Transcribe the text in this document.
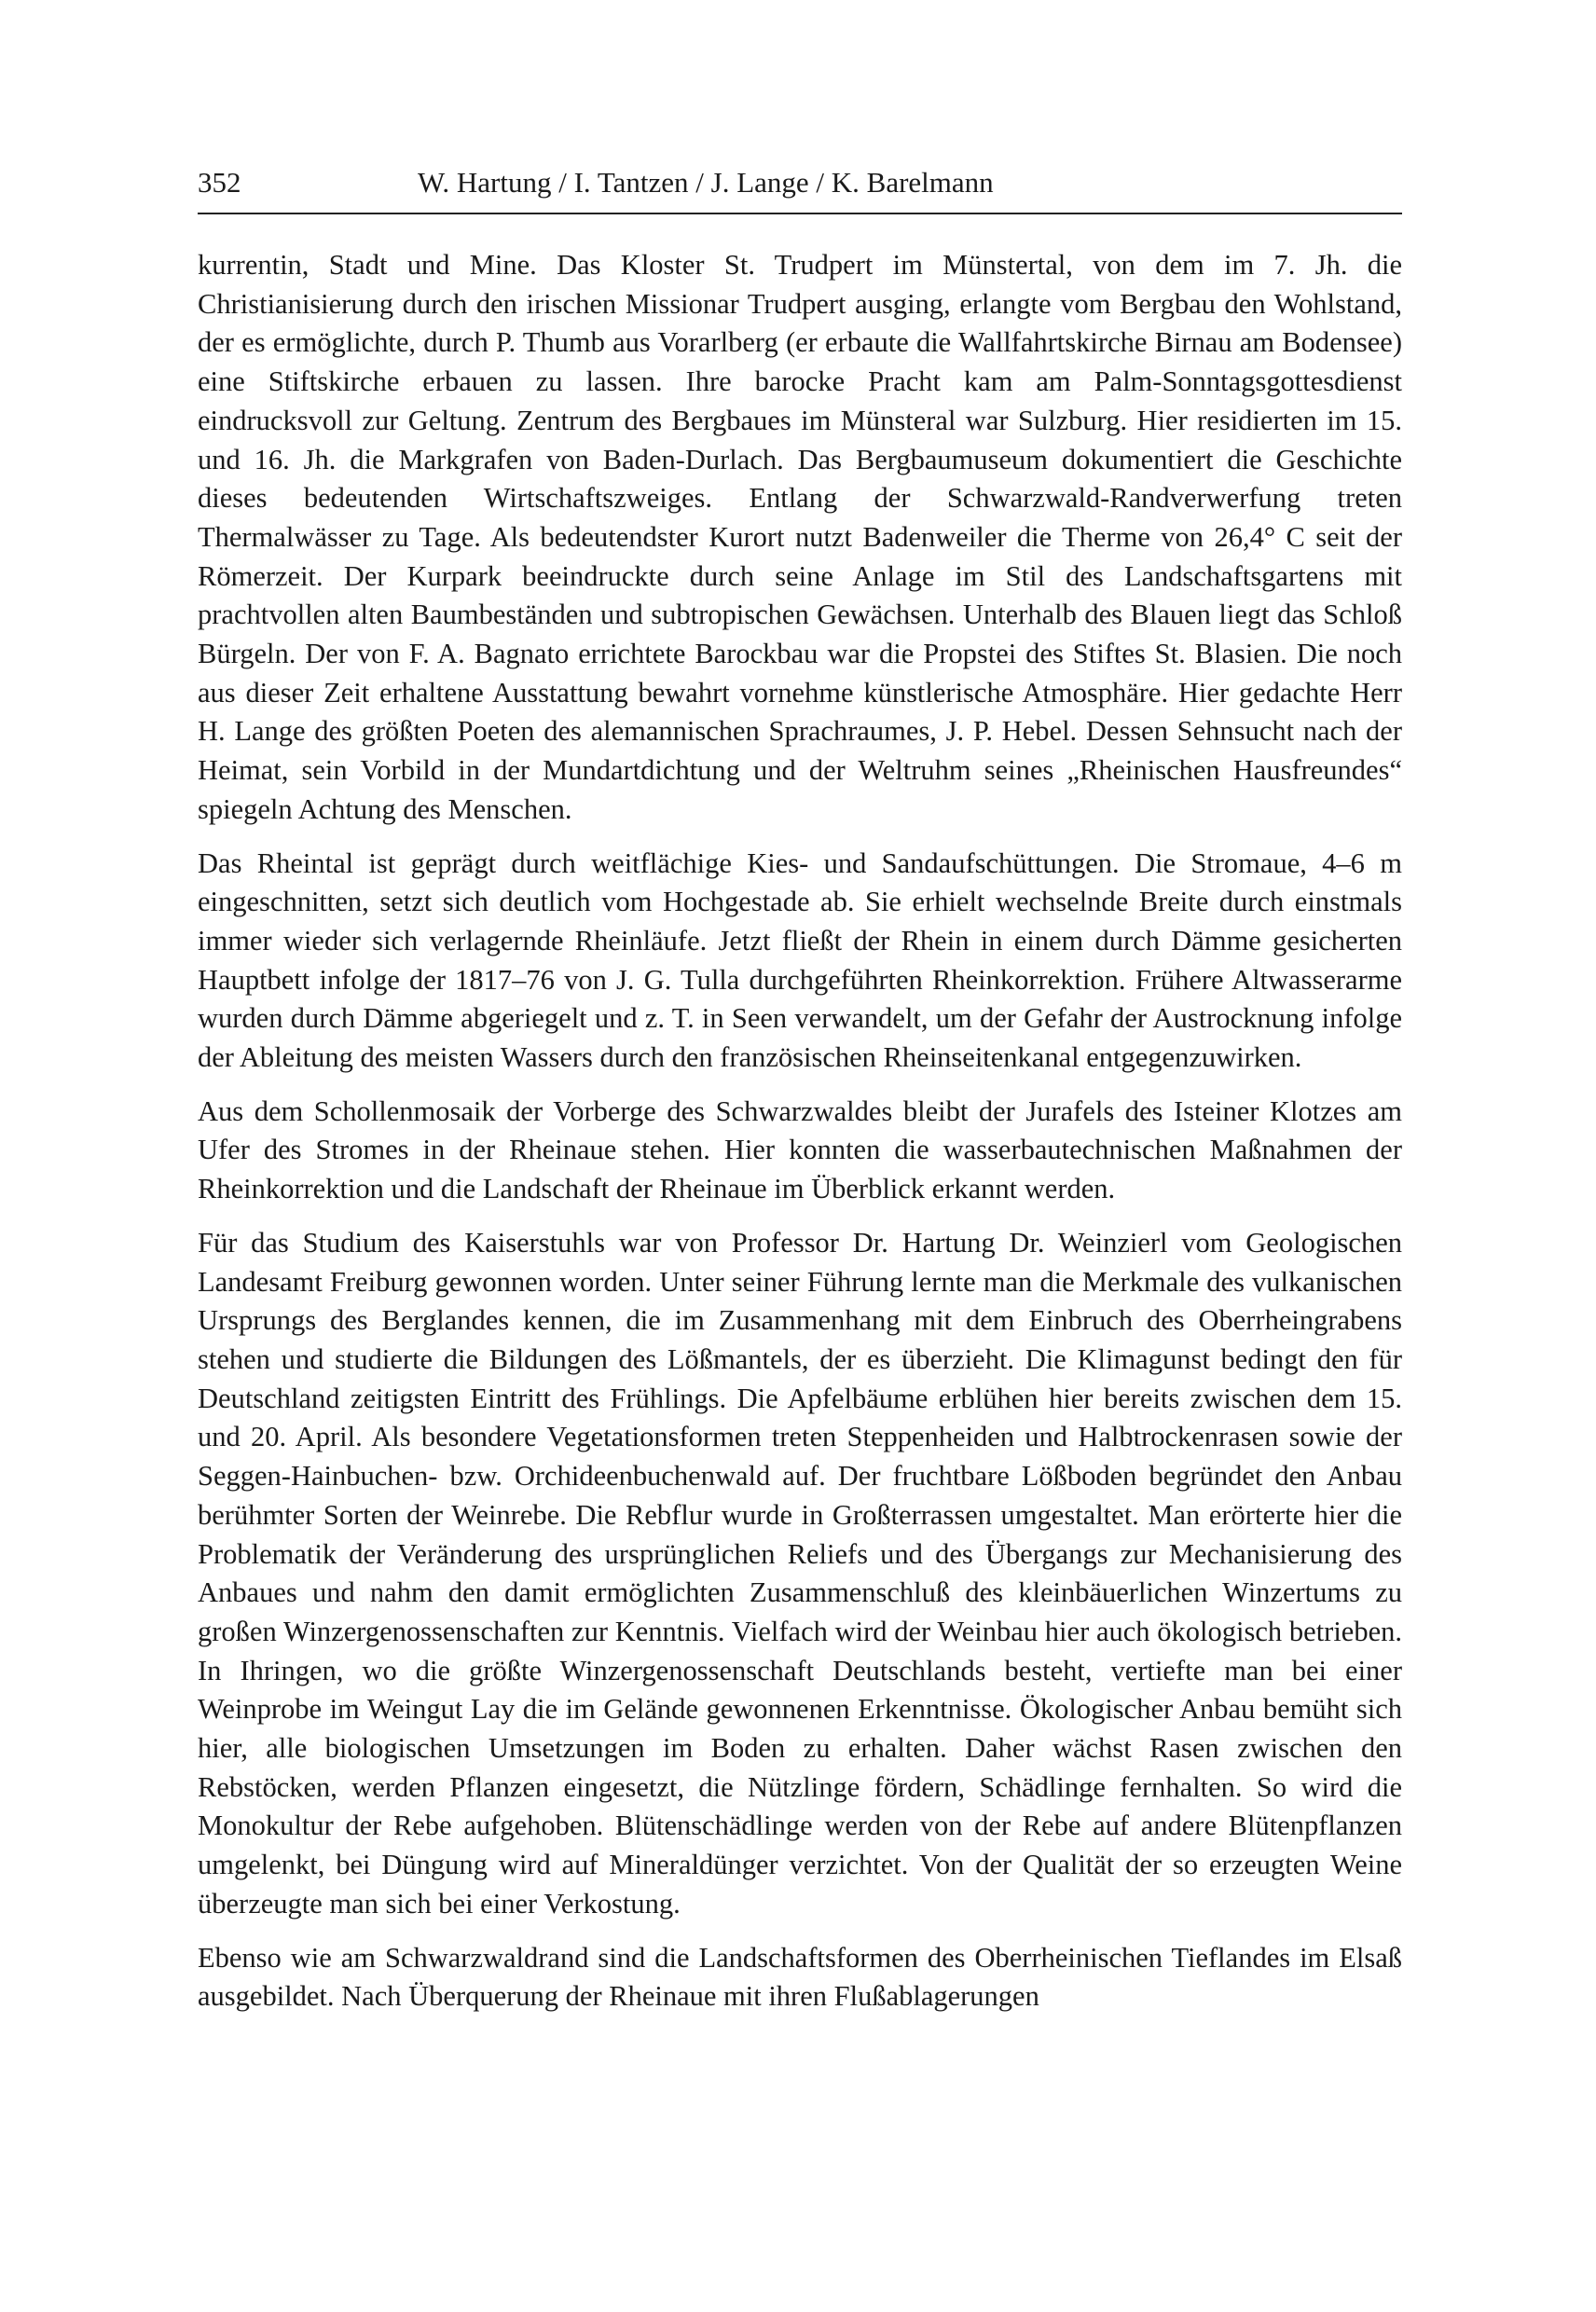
352	W. Hartung / I. Tantzen / J. Lange / K. Barelmann

kurrentin, Stadt und Mine. Das Kloster St. Trudpert im Münstertal, von dem im 7. Jh. die Christianisierung durch den irischen Missionar Trudpert ausging, erlangte vom Bergbau den Wohlstand, der es ermöglichte, durch P. Thumb aus Vorarlberg (er erbaute die Wallfahrtskirche Birnau am Bodensee) eine Stiftskirche erbauen zu lassen. Ihre barocke Pracht kam am Palm-Sonntagsgottesdienst eindrucksvoll zur Geltung. Zentrum des Bergbaues im Münsteral war Sulzburg. Hier residierten im 15. und 16. Jh. die Markgrafen von Baden-Durlach. Das Bergbaumuseum dokumentiert die Geschichte dieses bedeutenden Wirtschaftszweiges. Entlang der Schwarzwald-Randverwerfung treten Thermalwässer zu Tage. Als bedeutendster Kurort nutzt Badenweiler die Therme von 26,4° C seit der Römerzeit. Der Kurpark beeindruckte durch seine Anlage im Stil des Landschaftsgartens mit prachtvollen alten Baumbeständen und subtropischen Gewächsen. Unterhalb des Blauen liegt das Schloß Bürgeln. Der von F. A. Bagnato errichtete Barockbau war die Propstei des Stiftes St. Blasien. Die noch aus dieser Zeit erhaltene Ausstattung bewahrt vornehme künstlerische Atmosphäre. Hier gedachte Herr H. Lange des größten Poeten des alemannischen Sprachraumes, J. P. Hebel. Dessen Sehnsucht nach der Heimat, sein Vorbild in der Mundartdichtung und der Weltruhm seines „Rheinischen Hausfreundes“ spiegeln Achtung des Menschen.

Das Rheintal ist geprägt durch weitflächige Kies- und Sandaufschüttungen. Die Stromaue, 4–6 m eingeschnitten, setzt sich deutlich vom Hochgestade ab. Sie erhielt wechselnde Breite durch einstmals immer wieder sich verlagernde Rheinläufe. Jetzt fließt der Rhein in einem durch Dämme gesicherten Hauptbett infolge der 1817–76 von J. G. Tulla durchgeführten Rheinkorrektion. Frühere Altwasserarme wurden durch Dämme abgeriegelt und z. T. in Seen verwandelt, um der Gefahr der Austrocknung infolge der Ableitung des meisten Wassers durch den französischen Rheinseitenkanal entgegenzuwirken.

Aus dem Schollenmosaik der Vorberge des Schwarzwaldes bleibt der Jurafels des Isteiner Klotzes am Ufer des Stromes in der Rheinaue stehen. Hier konnten die wasserbautechnischen Maßnahmen der Rheinkorrektion und die Landschaft der Rheinaue im Überblick erkannt werden.

Für das Studium des Kaiserstuhls war von Professor Dr. Hartung Dr. Weinzierl vom Geologischen Landesamt Freiburg gewonnen worden. Unter seiner Führung lernte man die Merkmale des vulkanischen Ursprungs des Berglandes kennen, die im Zusammenhang mit dem Einbruch des Oberrheingrabens stehen und studierte die Bildungen des Lößmantels, der es überzieht. Die Klimagunst bedingt den für Deutschland zeitigsten Eintritt des Frühlings. Die Apfelbäume erblühen hier bereits zwischen dem 15. und 20. April. Als besondere Vegetationsformen treten Steppenheiden und Halbtrockenrasen sowie der Seggen-Hainbuchen- bzw. Orchideenbuchenwald auf. Der fruchtbare Lößboden begründet den Anbau berühmter Sorten der Weinrebe. Die Rebflur wurde in Großterrassen umgestaltet. Man erörterte hier die Problematik der Veränderung des ursprünglichen Reliefs und des Übergangs zur Mechanisierung des Anbaues und nahm den damit ermöglichten Zusammenschluß des kleinbäuerlichen Winzertums zu großen Winzergenossenschaften zur Kenntnis. Vielfach wird der Weinbau hier auch ökologisch betrieben. In Ihringen, wo die größte Winzergenossenschaft Deutschlands besteht, vertiefte man bei einer Weinprobe im Weingut Lay die im Gelände gewonnenen Erkenntnisse. Ökologischer Anbau bemüht sich hier, alle biologischen Umsetzungen im Boden zu erhalten. Daher wächst Rasen zwischen den Rebstöcken, werden Pflanzen eingesetzt, die Nützlinge fördern, Schädlinge fernhalten. So wird die Monokultur der Rebe aufgehoben. Blütenschädlinge werden von der Rebe auf andere Blütenpflanzen umgelenkt, bei Düngung wird auf Mineraldünger verzichtet. Von der Qualität der so erzeugten Weine überzeugte man sich bei einer Verkostung.

Ebenso wie am Schwarzwaldrand sind die Landschaftsformen des Oberrheinischen Tieflandes im Elsaß ausgebildet. Nach Überquerung der Rheinaue mit ihren Flußablagerungen
